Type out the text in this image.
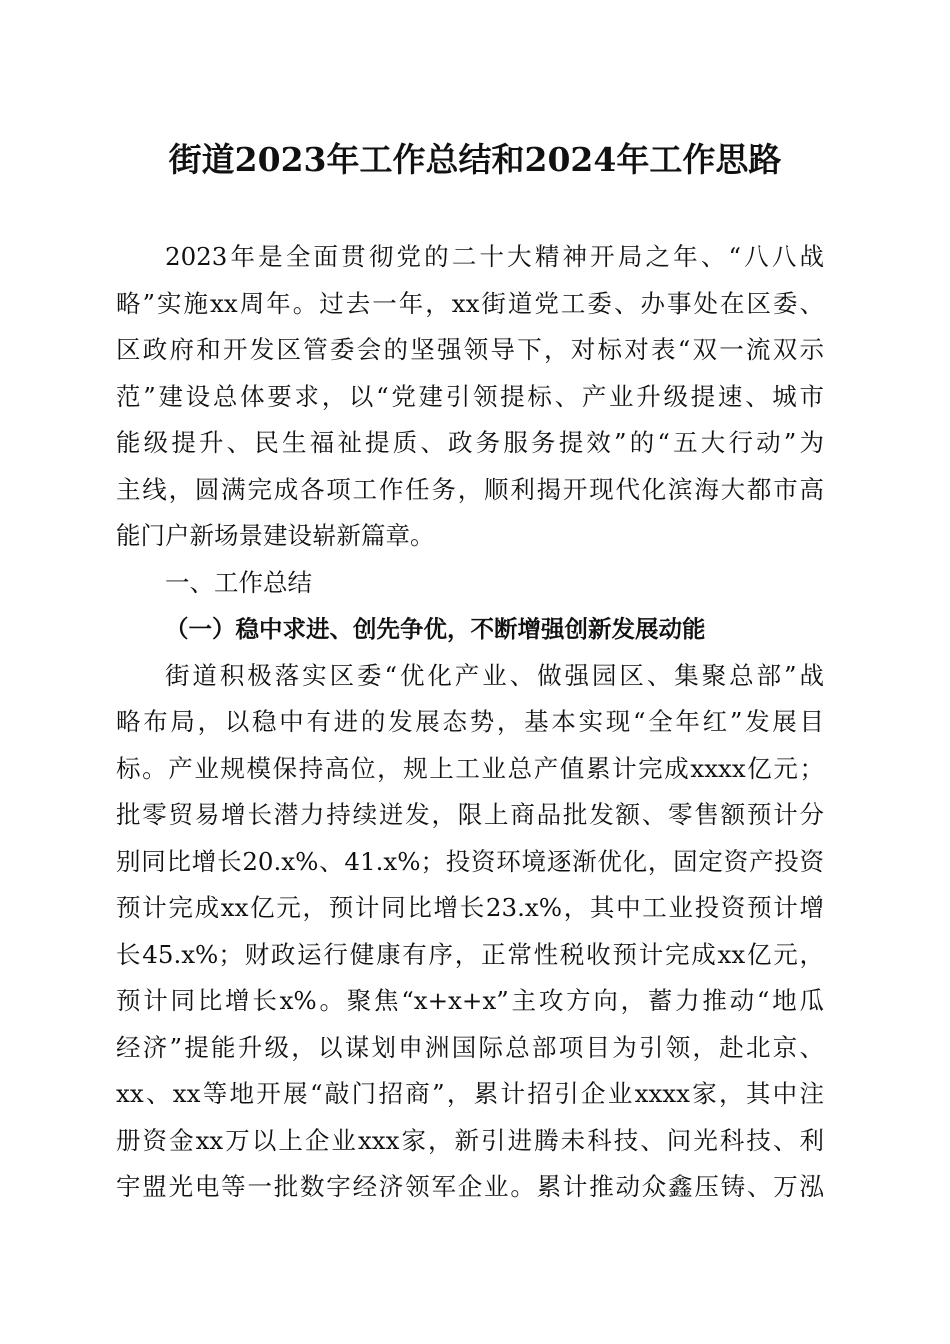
街道2023年工作总结和2024年工作思路
2023年是全面贯彻党的二十大精神开局之年、“八八战
略”实施xx周年。过去一年，xx街道党工委、办事处在区委、
区政府和开发区管委会的坚强领导下，对标对表“双一流双示
范”建设总体要求，以“党建引领提标、产业升级提速、城市
能级提升、民生福祉提质、政务服务提效”的“五大行动”为
主线，圆满完成各项工作任务，顺利揭开现代化滨海大都市高
能门户新场景建设崭新篇章。
一、工作总结
（一）稳中求进、创先争优，不断增强创新发展动能
街道积极落实区委“优化产业、做强园区、集聚总部”战
略布局，以稳中有进的发展态势，基本实现“全年红”发展目
标。产业规模保持高位，规上工业总产值累计完成xxxx亿元；
批零贸易增长潜力持续迸发，限上商品批发额、零售额预计分
别同比增长20.x%、41.x%；投资环境逐渐优化，固定资产投资
预计完成xx亿元，预计同比增长23.x%，其中工业投资预计增
长45.x%；财政运行健康有序，正常性税收预计完成xx亿元，
预计同比增长x%。聚焦“x+x+x”主攻方向，蓄力推动“地瓜
经济”提能升级，以谋划申洲国际总部项目为引领，赴北京、
xx、xx等地开展“敲门招商”，累计招引企业xxxx家，其中注
册资金xx万以上企业xxx家，新引进腾未科技、问光科技、利
宇盟光电等一批数字经济领军企业。累计推动众鑫压铸、万泓
